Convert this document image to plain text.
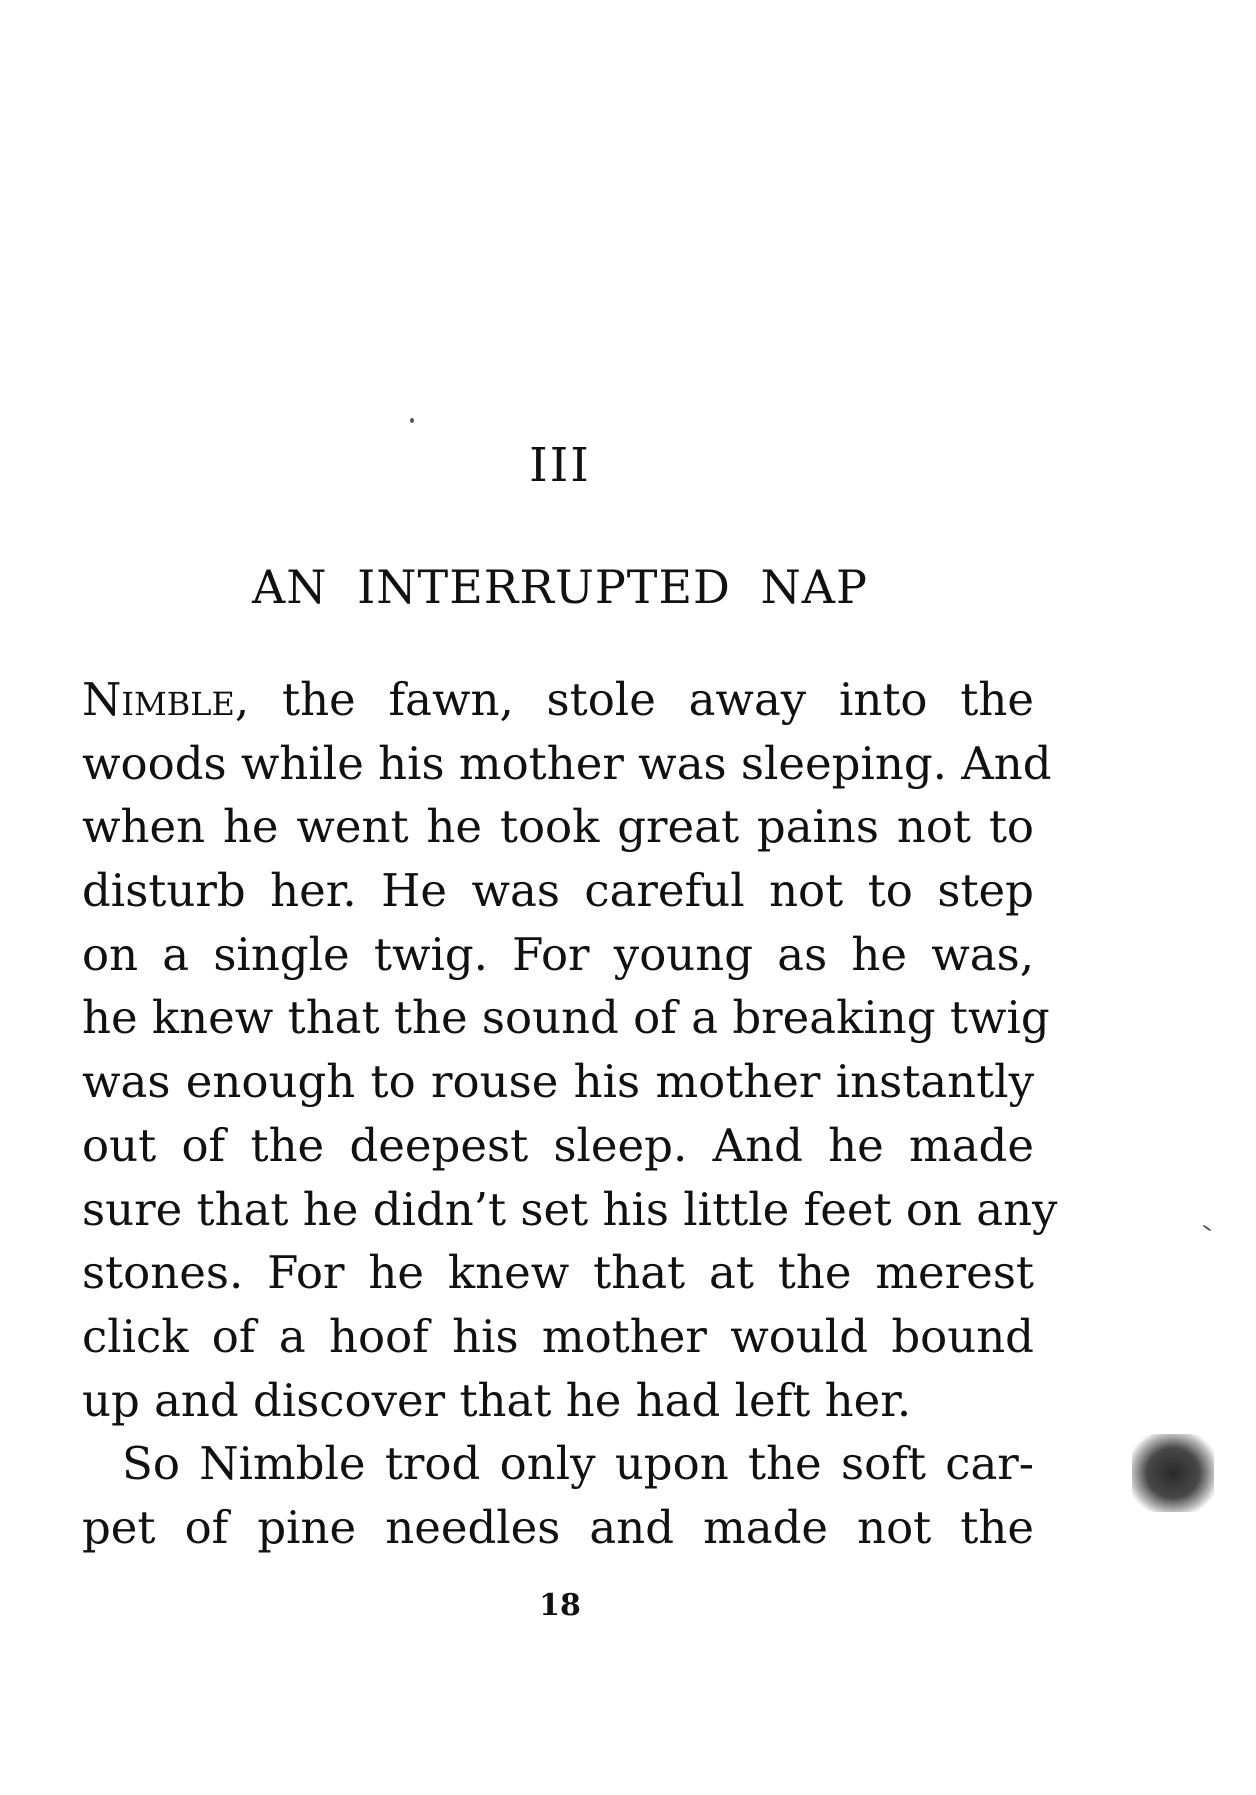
III
AN INTERRUPTED NAP
Nimble, the fawn, stole away into the
woods while his mother was sleeping. And
when he went he took great pains not to
disturb her. He was careful not to step
on a single twig. For young as he was,
he knew that the sound of a breaking twig
was enough to rouse his mother instantly
out of the deepest sleep. And he made
sure that he didn’t set his little feet on any
stones. For he knew that at the merest
click of a hoof his mother would bound
up and discover that he had left her.
So Nimble trod only upon the soft car-
pet of pine needles and made not the
18
